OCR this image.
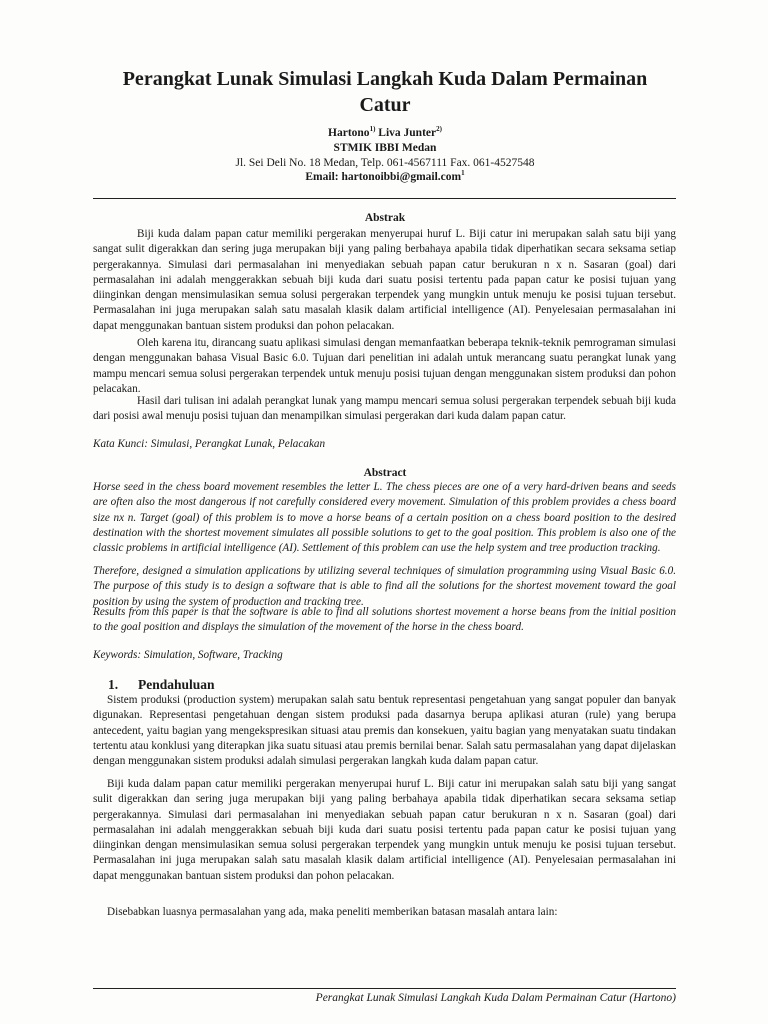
Perangkat Lunak Simulasi Langkah Kuda Dalam Permainan Catur
Hartono$^{1)}$ Liva Junter$^{2)}$
STMIK IBBI Medan
Jl. Sei Deli No. 18 Medan, Telp. 061-4567111 Fax. 061-4527548
Email: hartonoibbi@gmail.com$^1$
Abstrak

Biji kuda dalam papan catur memiliki pergerakan menyerupai huruf L. Biji catur ini merupakan salah satu biji yang sangat sulit digerakkan dan sering juga merupakan biji yang paling berbahaya apabila tidak diperhatikan secara seksama setiap pergerakannya. Simulasi dari permasalahan ini menyediakan sebuah papan catur berukuran n x n. Sasaran (goal) dari permasalahan ini adalah menggerakkan sebuah biji kuda dari suatu posisi tertentu pada papan catur ke posisi tujuan yang diinginkan dengan mensimulasikan semua solusi pergerakan terpendek yang mungkin untuk menuju ke posisi tujuan tersebut. Permasalahan ini juga merupakan salah satu masalah klasik dalam artificial intelligence (AI). Penyelesaian permasalahan ini dapat menggunakan bantuan sistem produksi dan pohon pelacakan.

Oleh karena itu, dirancang suatu aplikasi simulasi dengan memanfaatkan beberapa teknik-teknik pemrograman simulasi dengan menggunakan bahasa Visual Basic 6.0. Tujuan dari penelitian ini adalah untuk merancang suatu perangkat lunak yang mampu mencari semua solusi pergerakan terpendek untuk menuju posisi tujuan dengan menggunakan sistem produksi dan pohon pelacakan.

Hasil dari tulisan ini adalah perangkat lunak yang mampu mencari semua solusi pergerakan terpendek sebuah biji kuda dari posisi awal menuju posisi tujuan dan menampilkan simulasi pergerakan dari kuda dalam papan catur.

Kata Kunci: Simulasi, Perangkat Lunak, Pelacakan

Abstract

Horse seed in the chess board movement resembles the letter L. The chess pieces are one of a very hard-driven beans and seeds are often also the most dangerous if not carefully considered every movement. Simulation of this problem provides a chess board size nx n. Target (goal) of this problem is to move a horse beans of a certain position on a chess board position to the desired destination with the shortest movement simulates all possible solutions to get to the goal position. This problem is also one of the classic problems in artificial intelligence (AI). Settlement of this problem can use the help system and tree production tracking.

Therefore, designed a simulation applications by utilizing several techniques of simulation programming using Visual Basic 6.0. The purpose of this study is to design a software that is able to find all the solutions for the shortest movement toward the goal position by using the system of production and tracking tree.

Results from this paper is that the software is able to find all solutions shortest movement a horse beans from the initial position to the goal position and displays the simulation of the movement of the horse in the chess board.

Keywords: Simulation, Software, Tracking

1. Pendahuluan

Sistem produksi (production system) merupakan salah satu bentuk representasi pengetahuan yang sangat populer dan banyak digunakan. Representasi pengetahuan dengan sistem produksi pada dasarnya berupa aplikasi aturan (rule) yang berupa antecedent, yaitu bagian yang mengekspresikan situasi atau premis dan konsekuen, yaitu bagian yang menyatakan suatu tindakan tertentu atau konklusi yang diterapkan jika suatu situasi atau premis bernilai benar. Salah satu permasalahan yang dapat dijelaskan dengan menggunakan sistem produksi adalah simulasi pergerakan langkah kuda dalam papan catur.

Biji kuda dalam papan catur memiliki pergerakan menyerupai huruf L. Biji catur ini merupakan salah satu biji yang sangat sulit digerakkan dan sering juga merupakan biji yang paling berbahaya apabila tidak diperhatikan secara seksama setiap pergerakannya. Simulasi dari permasalahan ini menyediakan sebuah papan catur berukuran n x n. Sasaran (goal) dari permasalahan ini adalah menggerakkan sebuah biji kuda dari suatu posisi tertentu pada papan catur ke posisi tujuan yang diinginkan dengan mensimulasikan semua solusi pergerakan terpendek yang mungkin untuk menuju ke posisi tujuan tersebut. Permasalahan ini juga merupakan salah satu masalah klasik dalam artificial intelligence (AI). Penyelesaian permasalahan ini dapat menggunakan bantuan sistem produksi dan pohon pelacakan.

Disebabkan luasnya permasalahan yang ada, maka peneliti memberikan batasan masalah antara lain:

Perangkat Lunak Simulasi Langkah Kuda Dalam Permainan Catur (Hartono)
